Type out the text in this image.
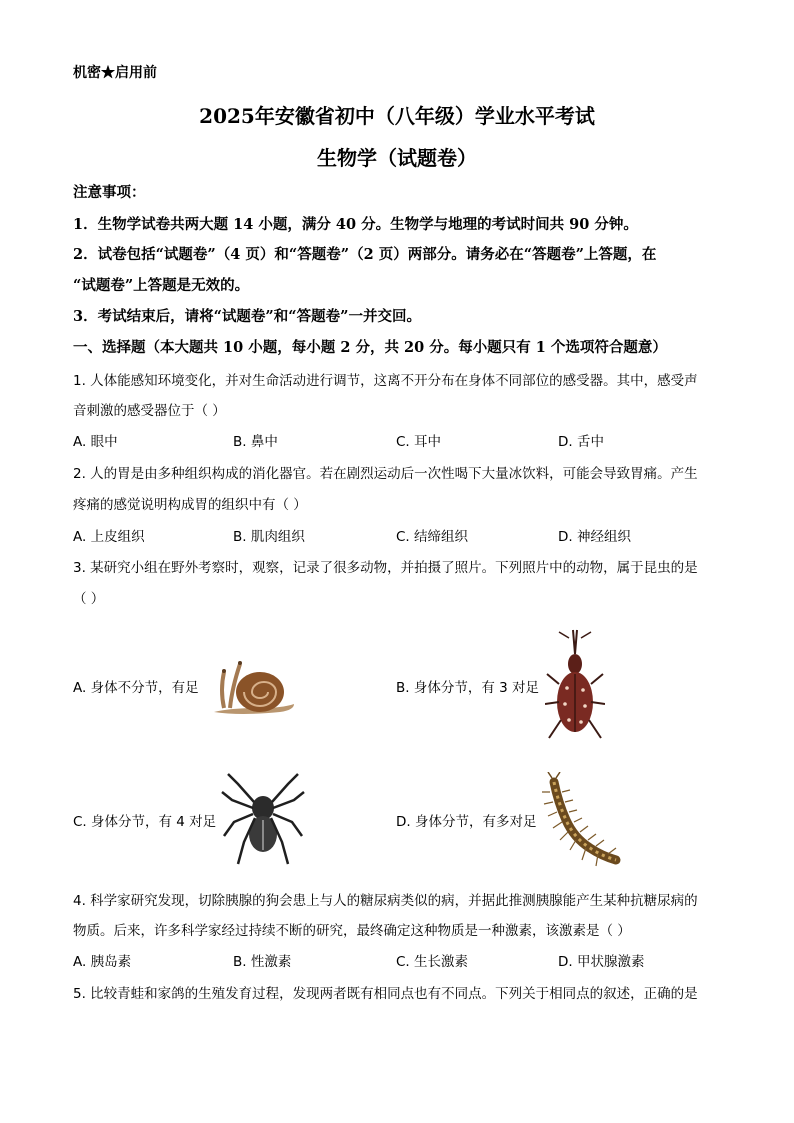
机密★启用前
2025年安徽省初中（八年级）学业水平考试
生物学（试题卷）
注意事项：
1．生物学试卷共两大题 14 小题，满分 40 分。生物学与地理的考试时间共 90 分钟。
2．试卷包括“试题卷”（4 页）和“答题卷”（2 页）两部分。请务必在“答题卷”上答题，在
“试题卷”上答题是无效的。
3．考试结束后，请将“试题卷”和“答题卷”一并交回。
一、选择题（本大题共 10 小题，每小题 2 分，共 20 分。每小题只有 1 个选项符合题意）
1. 人体能感知环境变化，并对生命活动进行调节，这离不开分布在身体不同部位的感受器。其中，感受声
音刺激的感受器位于（ ）
A. 眼中	B. 鼻中	C. 耳中	D. 舌中
2. 人的胃是由多种组织构成的消化器官。若在剧烈运动后一次性喝下大量冰饮料，可能会导致胃痛。产生
疼痛的感觉说明构成胃的组织中有（ ）
A. 上皮组织	B. 肌肉组织	C. 结缔组织	D. 神经组织
3. 某研究小组在野外考察时，观察，记录了很多动物，并拍摄了照片。下列照片中的动物，属于昆虫的是
（ ）
A. 身体不分节，有足	B. 身体分节，有 3 对足
C. 身体分节，有 4 对足	D. 身体分节，有多对足
4. 科学家研究发现，切除胰腺的狗会患上与人的糖尿病类似的病，并据此推测胰腺能产生某种抗糖尿病的
物质。后来，许多科学家经过持续不断的研究，最终确定这种物质是一种激素，该激素是（ ）
A. 胰岛素	B. 性激素	C. 生长激素	D. 甲状腺激素
5. 比较青蛙和家鸽的生殖发育过程，发现两者既有相同点也有不同点。下列关于相同点的叙述，正确的是
